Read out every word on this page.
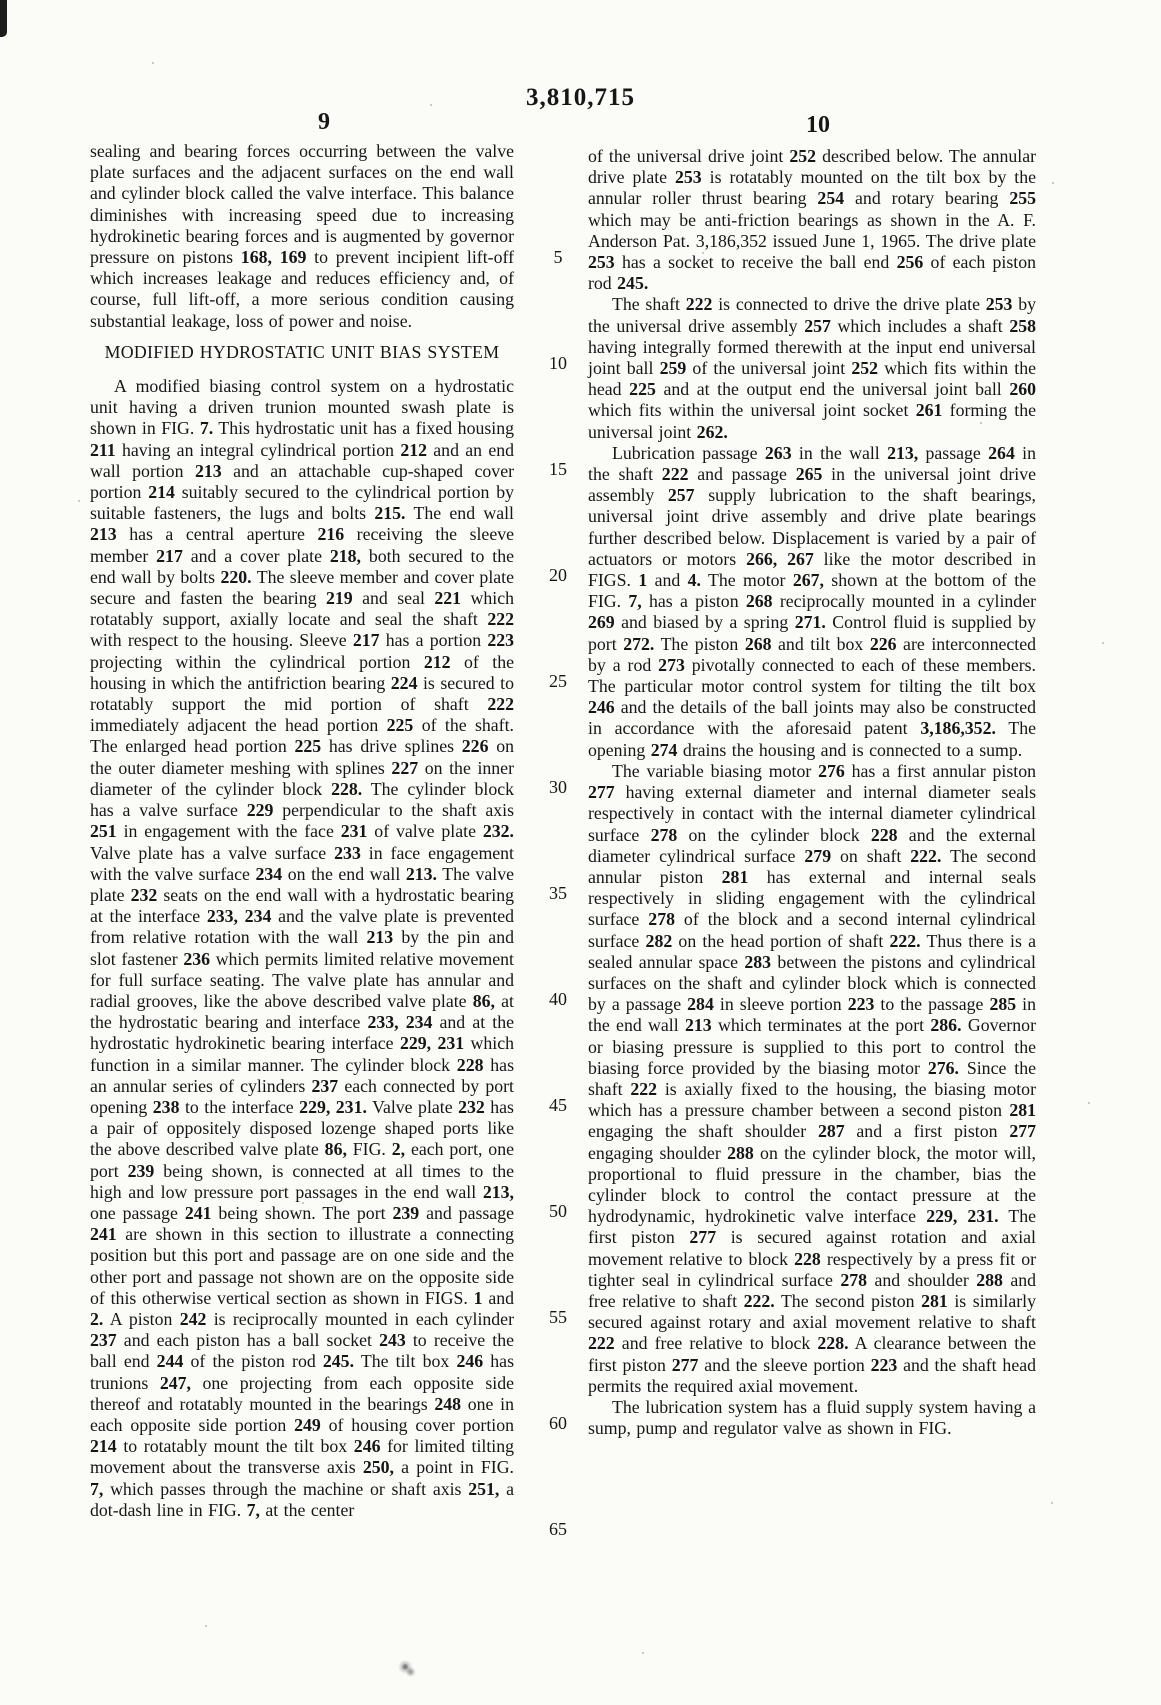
3,810,715
9	10

sealing and bearing forces occurring between the valve plate surfaces and the adjacent surfaces on the end wall and cylinder block called the valve interface. This balance diminishes with increasing speed due to increasing hydrokinetic bearing forces and is augmented by governor pressure on pistons 168, 169 to prevent incipient lift-off which increases leakage and reduces efficiency and, of course, full lift-off, a more serious condition causing substantial leakage, loss of power and noise.

MODIFIED HYDROSTATIC UNIT BIAS SYSTEM

A modified biasing control system on a hydrostatic unit having a driven trunion mounted swash plate is shown in FIG. 7. This hydrostatic unit has a fixed housing 211 having an integral cylindrical portion 212 and an end wall portion 213 and an attachable cup-shaped cover portion 214 suitably secured to the cylindrical portion by suitable fasteners, the lugs and bolts 215. The end wall 213 has a central aperture 216 receiving the sleeve member 217 and a cover plate 218, both secured to the end wall by bolts 220. The sleeve member and cover plate secure and fasten the bearing 219 and seal 221 which rotatably support, axially locate and seal the shaft 222 with respect to the housing. Sleeve 217 has a portion 223 projecting within the cylindrical portion 212 of the housing in which the antifriction bearing 224 is secured to rotatably support the mid portion of shaft 222 immediately adjacent the head portion 225 of the shaft. The enlarged head portion 225 has drive splines 226 on the outer diameter meshing with splines 227 on the inner diameter of the cylinder block 228. The cylinder block has a valve surface 229 perpendicular to the shaft axis 251 in engagement with the face 231 of valve plate 232. Valve plate has a valve surface 233 in face engagement with the valve surface 234 on the end wall 213. The valve plate 232 seats on the end wall with a hydrostatic bearing at the interface 233, 234 and the valve plate is prevented from relative rotation with the wall 213 by the pin and slot fastener 236 which permits limited relative movement for full surface seating. The valve plate has annular and radial grooves, like the above described valve plate 86, at the hydrostatic bearing and interface 233, 234 and at the hydrostatic hydrokinetic bearing interface 229, 231 which function in a similar manner. The cylinder block 228 has an annular series of cylinders 237 each connected by port opening 238 to the interface 229, 231. Valve plate 232 has a pair of oppositely disposed lozenge shaped ports like the above described valve plate 86, FIG. 2, each port, one port 239 being shown, is connected at all times to the high and low pressure port passages in the end wall 213, one passage 241 being shown. The port 239 and passage 241 are shown in this section to illustrate a connecting position but this port and passage are on one side and the other port and passage not shown are on the opposite side of this otherwise vertical section as shown in FIGS. 1 and 2. A piston 242 is reciprocally mounted in each cylinder 237 and each piston has a ball socket 243 to receive the ball end 244 of the piston rod 245. The tilt box 246 has trunions 247, one projecting from each opposite side thereof and rotatably mounted in the bearings 248 one in each opposite side portion 249 of housing cover portion 214 to rotatably mount the tilt box 246 for limited tilting movement about the transverse axis 250, a point in FIG. 7, which passes through the machine or shaft axis 251, a dot-dash line in FIG. 7, at the center

of the universal drive joint 252 described below. The annular drive plate 253 is rotatably mounted on the tilt box by the annular roller thrust bearing 254 and rotary bearing 255 which may be anti-friction bearings as shown in the A. F. Anderson Pat. 3,186,352 issued June 1, 1965. The drive plate 253 has a socket to receive the ball end 256 of each piston rod 245.

The shaft 222 is connected to drive the drive plate 253 by the universal drive assembly 257 which includes a shaft 258 having integrally formed therewith at the input end universal joint ball 259 of the universal joint 252 which fits within the head 225 and at the output end the universal joint ball 260 which fits within the universal joint socket 261 forming the universal joint 262.

Lubrication passage 263 in the wall 213, passage 264 in the shaft 222 and passage 265 in the universal joint drive assembly 257 supply lubrication to the shaft bearings, universal joint drive assembly and drive plate bearings further described below. Displacement is varied by a pair of actuators or motors 266, 267 like the motor described in FIGS. 1 and 4. The motor 267, shown at the bottom of the FIG. 7, has a piston 268 reciprocally mounted in a cylinder 269 and biased by a spring 271. Control fluid is supplied by port 272. The piston 268 and tilt box 226 are interconnected by a rod 273 pivotally connected to each of these members. The particular motor control system for tilting the tilt box 246 and the details of the ball joints may also be constructed in accordance with the aforesaid patent 3,186,352. The opening 274 drains the housing and is connected to a sump.

The variable biasing motor 276 has a first annular piston 277 having external diameter and internal diameter seals respectively in contact with the internal diameter cylindrical surface 278 on the cylinder block 228 and the external diameter cylindrical surface 279 on shaft 222. The second annular piston 281 has external and internal seals respectively in sliding engagement with the cylindrical surface 278 of the block and a second internal cylindrical surface 282 on the head portion of shaft 222. Thus there is a sealed annular space 283 between the pistons and cylindrical surfaces on the shaft and cylinder block which is connected by a passage 284 in sleeve portion 223 to the passage 285 in the end wall 213 which terminates at the port 286. Governor or biasing pressure is supplied to this port to control the biasing force provided by the biasing motor 276. Since the shaft 222 is axially fixed to the housing, the biasing motor which has a pressure chamber between a second piston 281 engaging the shaft shoulder 287 and a first piston 277 engaging shoulder 288 on the cylinder block, the motor will, proportional to fluid pressure in the chamber, bias the cylinder block to control the contact pressure at the hydrodynamic, hydrokinetic valve interface 229, 231. The first piston 277 is secured against rotation and axial movement relative to block 228 respectively by a press fit or tighter seal in cylindrical surface 278 and shoulder 288 and free relative to shaft 222. The second piston 281 is similarly secured against rotary and axial movement relative to shaft 222 and free relative to block 228. A clearance between the first piston 277 and the sleeve portion 223 and the shaft head permits the required axial movement.

The lubrication system has a fluid supply system having a sump, pump and regulator valve as shown in FIG.

5
10
15
20
25
30
35
40
45
50
55
60
65
